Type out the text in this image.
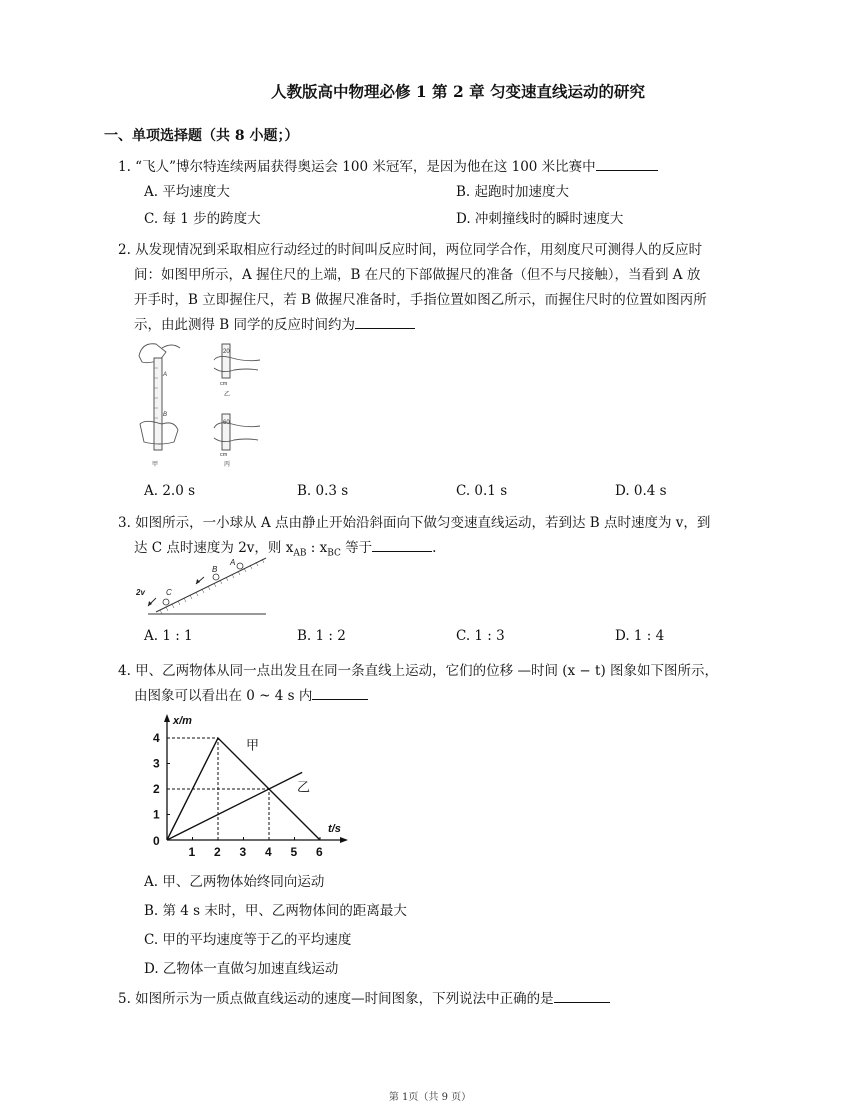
人教版高中物理必修 1 第 2 章 匀变速直线运动的研究
一、单项选择题（共 8 小题；）
1. “飞人”博尔特连续两届获得奥运会 100 米冠军，是因为他在这 100 米比赛中
A. 平均速度大	B. 起跑时加速度大
C. 每 1 步的跨度大	D. 冲刺撞线时的瞬时速度大
2. 从发现情况到采取相应行动经过的时间叫反应时间，两位同学合作，用刻度尺可测得人的反应时
间：如图甲所示，A 握住尺的上端，B 在尺的下部做握尺的准备（但不与尺接触），当看到 A 放
开手时，B 立即握住尺，若 B 做握尺准备时，手指位置如图乙所示，而握住尺时的位置如图丙所
示，由此测得 B 同学的反应时间约为
A
B
甲
20
cm
乙
60
cm
丙
A. 2.0 s	B. 0.3 s	C. 0.1 s	D. 0.4 s
3. 如图所示，一小球从 A 点由静止开始沿斜面向下做匀变速直线运动，若到达 B 点时速度为 v，到
达 C 点时速度为 2v，则 $x_{AB}$ : $x_{BC}$ 等于	.
A
B
C
2v
A. 1 : 1	B. 1 : 2	C. 1 : 3	D. 1 : 4
4. 甲、乙两物体从同一点出发且在同一条直线上运动，它们的位移 —时间 (x − t) 图象如下图所示，
由图象可以看出在 0 ~ 4 s 内
x/m
t/s
0
1 2 3 4 5 6
1
2
3
4	甲
乙
A. 甲、乙两物体始终同向运动
B. 第 4 s 末时，甲、乙两物体间的距离最大
C. 甲的平均速度等于乙的平均速度
D. 乙物体一直做匀加速直线运动
5. 如图所示为一质点做直线运动的速度—时间图象，下列说法中正确的是
第 1页（共 9 页）
